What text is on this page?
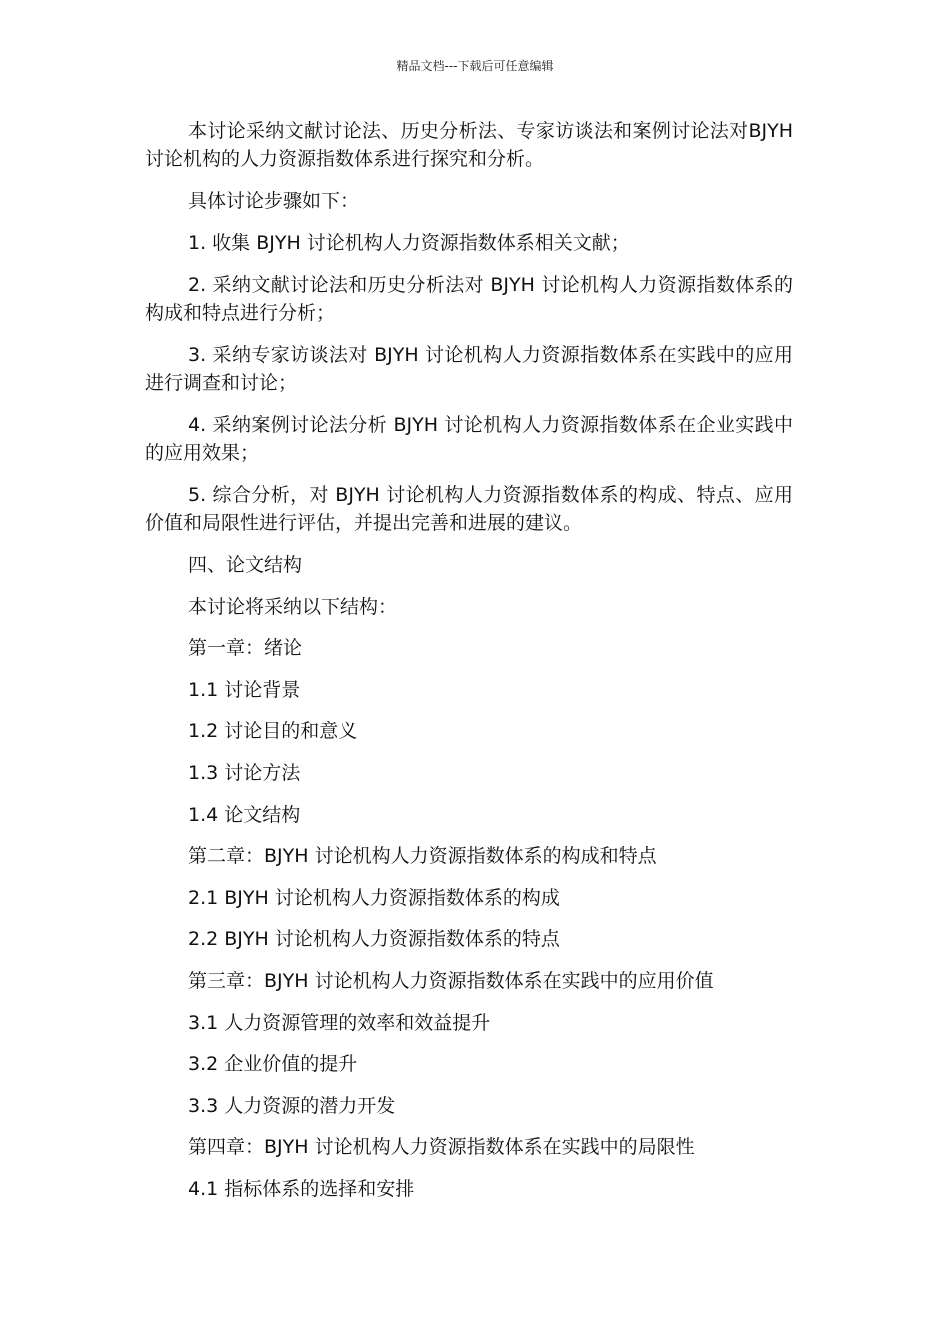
精品文档---下载后可任意编辑

本讨论采纳文献讨论法、历史分析法、专家访谈法和案例讨论法对BJYH 讨论机构的人力资源指数体系进行探究和分析。

具体讨论步骤如下：

1. 收集 BJYH 讨论机构人力资源指数体系相关文献；

2. 采纳文献讨论法和历史分析法对 BJYH 讨论机构人力资源指数体系的构成和特点进行分析；

3. 采纳专家访谈法对 BJYH 讨论机构人力资源指数体系在实践中的应用进行调查和讨论；

4. 采纳案例讨论法分析 BJYH 讨论机构人力资源指数体系在企业实践中的应用效果；

5. 综合分析，对 BJYH 讨论机构人力资源指数体系的构成、特点、应用价值和局限性进行评估，并提出完善和进展的建议。

四、论文结构

本讨论将采纳以下结构：

第一章：绪论

1.1 讨论背景

1.2 讨论目的和意义

1.3 讨论方法

1.4 论文结构

第二章：BJYH 讨论机构人力资源指数体系的构成和特点

2.1 BJYH 讨论机构人力资源指数体系的构成

2.2 BJYH 讨论机构人力资源指数体系的特点

第三章：BJYH 讨论机构人力资源指数体系在实践中的应用价值

3.1 人力资源管理的效率和效益提升

3.2 企业价值的提升

3.3 人力资源的潜力开发

第四章：BJYH 讨论机构人力资源指数体系在实践中的局限性

4.1 指标体系的选择和安排
